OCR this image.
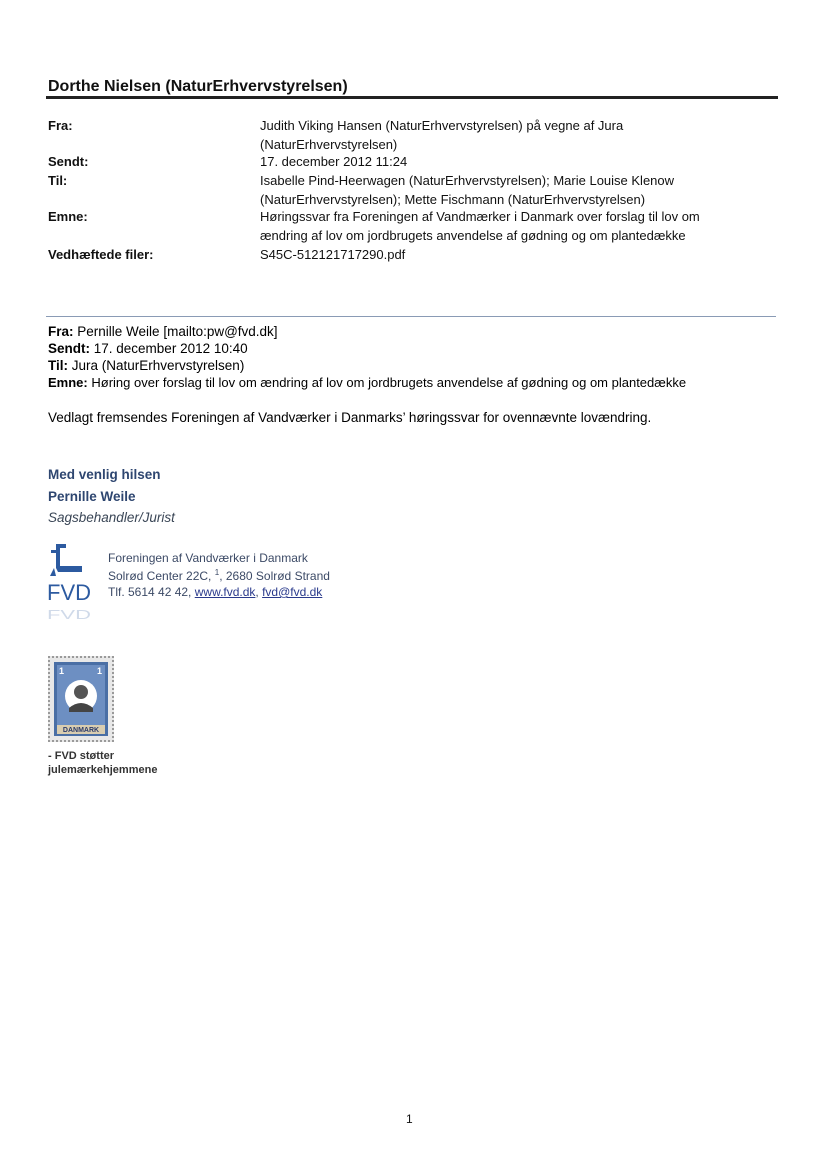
Dorthe Nielsen (NaturErhvervstyrelsen)
Fra:	Judith Viking Hansen (NaturErhvervstyrelsen) på vegne af Jura
(NaturErhvervstyrelsen)
Sendt:	17. december 2012 11:24
Til:	Isabelle Pind-Heerwagen (NaturErhvervstyrelsen); Marie Louise Klenow
(NaturErhvervstyrelsen); Mette Fischmann (NaturErhvervstyrelsen)
Emne:	Høringssvar fra Foreningen af Vandmærker i Danmark over forslag til lov om
ændring af lov om jordbrugets anvendelse af gødning og om plantedække
Vedhæftede filer:	S45C-512121717290.pdf
Fra: Pernille Weile [mailto:pw@fvd.dk]
Sendt: 17. december 2012 10:40
Til: Jura (NaturErhvervstyrelsen)
Emne: Høring over forslag til lov om ændring af lov om jordbrugets anvendelse af gødning og om plantedække
Vedlagt fremsendes Foreningen af Vandværker i Danmarks’ høringssvar for ovennævnte lovændring.
Med venlig hilsen
Pernille Weile
Sagsbehandler/Jurist
FVD
FVD
Foreningen af Vandværker i Danmark
Solrød Center 22C, $^1$, 2680 Solrød Strand
Tlf. 5614 42 42, www.fvd.dk, fvd@fvd.dk
1	1
DANMARK
- FVD støtter
julemærkehjemmene
1
